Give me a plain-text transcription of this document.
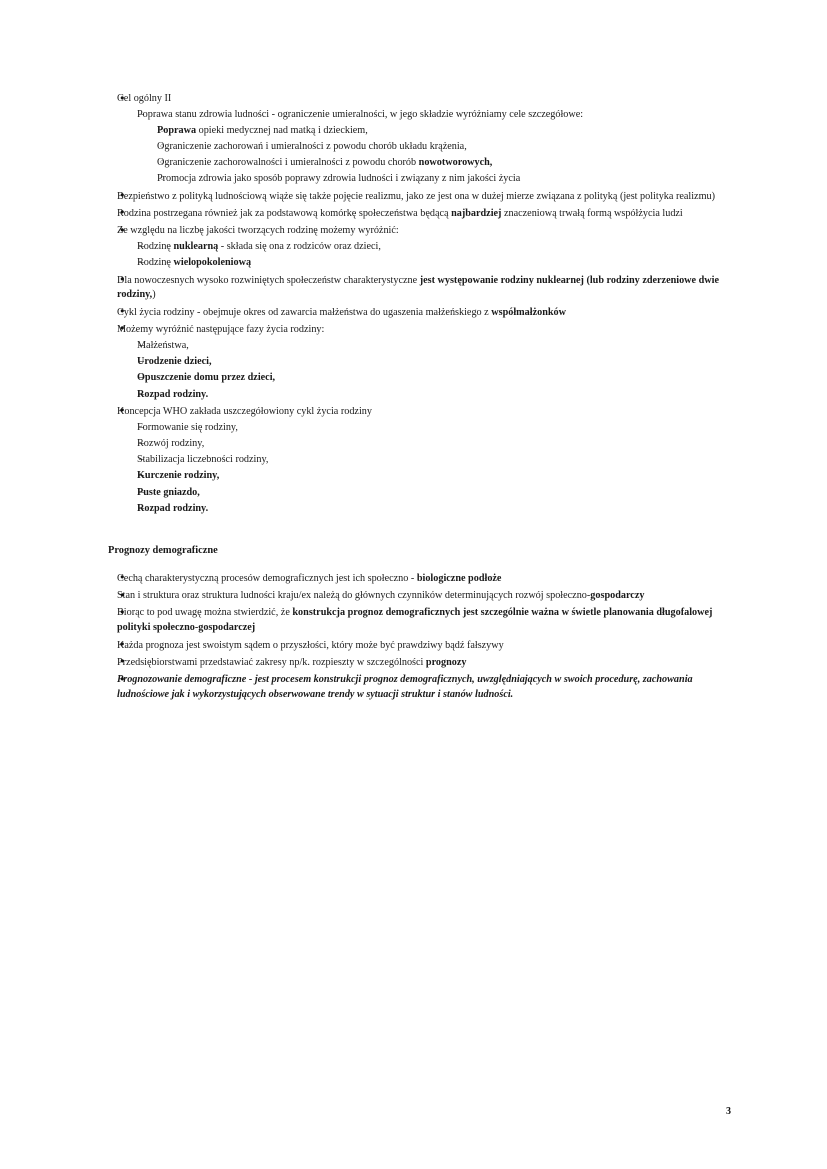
● Cel ogólny II
– Poprawa stanu zdrowia ludności - ograniczenie umieralności, w jego składzie wyróżniamy cele szczegółowe:
○ Poprawa opieki medycznej nad matką i dzieckiem,
○ Ograniczenie zachorowań i umieralności z powodu chorób układu krążenia,
○ Ograniczenie zachorowalności i umieralności z powodu chorób nowotworowych,
○ Promocja zdrowia jako sposób poprawy zdrowia ludności i związany z nim jakości życia
● Bezpieństwo z polityką ludnościową wiąże się także pojęcie realizmu, jako ze jest ona w dużej mierze związana z polityką (jest polityka realizmu)
● Rodzina postrzegana również jak za podstawową komórkę społeczeństwa będącą najbardziej znaczeniową trwałą formą współżycia ludzi
● Ze względu na liczbę jakości tworzących rodzinę możemy wyróżnić:
– Rodzinę nuklearną - składa się ona z rodziców oraz dzieci,
– Rodzinę wielopokoleniową
● Dla nowoczesnych wysoko rozwiniętych społeczeństw charakterystyczne jest występowanie rodziny nuklearnej (lub rodziny zderzeniowe dwie rodziny,)
● Cykl życia rodziny - obejmuje okres od zawarcia małżeństwa do ugaszenia małżeńskiego z współmałżonków
● Możemy wyróżnić następujące fazy życia rodziny:
– Małżeństwa,
– Urodzenie dzieci,
– Opuszczenie domu przez dzieci,
– Rozpad rodziny.
● Koncepcja WHO zakłada uszczegółowiony cykl życia rodziny
– Formowanie się rodziny,
– Rozwój rodziny,
– Stabilizacja liczebności rodziny,
– Kurczenie rodziny,
– Puste gniazdo,
– Rozpad rodziny.
Prognozy demograficzne
● Cechą charakterystyczną procesów demograficznych jest ich społeczno - biologiczne podłoże
● Stan i struktura oraz struktura ludności kraju/ex należą do głównych czynników determinujących rozwój społeczno-gospodarczy
● Biorąc to pod uwagę można stwierdzić, że konstrukcja prognoz demograficznych jest szczególnie ważna w świetle planowania długofalowej polityki społeczno-gospodarczej
● Każda prognoza jest swoistym sądem o przyszłości, który może być prawdziwy bądź fałszywy
● Przedsiębiorstwami przedstawiać zakresy np/k. rozpieszty w szczególności prognozy
● Prognozowanie demograficzne - jest procesem konstrukcji prognoz demograficznych, uwzględniających w swoich procedurę, zachowania ludnościowe jak i wykorzystujących obserwowane trendy w sytuacji struktur i stanów ludności.
3
